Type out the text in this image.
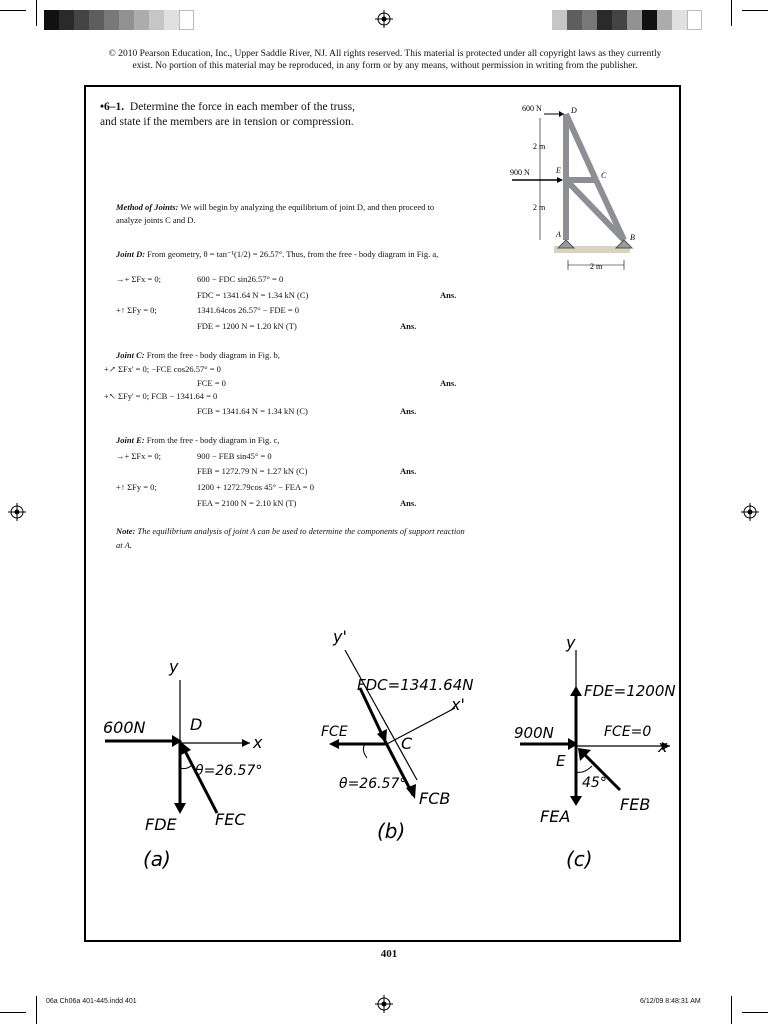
© 2010 Pearson Education, Inc., Upper Saddle River, NJ. All rights reserved. This material is protected under all copyright laws as they currently
exist. No portion of this material may be reproduced, in any form or by any means, without permission in writing from the publisher.
•6–1. Determine the force in each member of the truss,
and state if the members are in tension or compression.
600 N
900 N
2 m
2 m
2 m
D
E
C
A	B
Method of Joints: We will begin by analyzing the equilibrium of joint D, and then proceed to
analyze joints C and D.
Joint D: From geometry, θ = tan⁻¹(1/2) = 26.57°. Thus, from the free - body diagram in Fig. a,
→+ ΣFx = 0;	600 − FDC sin26.57° = 0
FDC = 1341.64 N = 1.34 kN (C)	Ans.
+↑ ΣFy = 0;	1341.64cos 26.57° − FDE = 0
FDE = 1200 N = 1.20 kN (T)	Ans.
Joint C: From the free - body diagram in Fig. b,
+↗ ΣFx' = 0; −FCE cos26.57° = 0
FCE = 0	Ans.
+↖ ΣFy' = 0; FCB − 1341.64 = 0
FCB = 1341.64 N = 1.34 kN (C)	Ans.
Joint E: From the free - body diagram in Fig. c,
→+ ΣFx = 0;	900 − FEB sin45° = 0
FEB = 1272.79 N = 1.27 kN (C)	Ans.
+↑ ΣFy = 0;	1200 + 1272.79cos 45° − FEA = 0
FEA = 2100 N = 2.10 kN (T)	Ans.
Note: The equilibrium analysis of joint A can be used to determine the components of support reaction
at A.
y
x
600N	D
θ=26.57°
FDE FEC
(a)
y'
x'
FDC=1341.64N
FCE
C
θ=26.57°
FCB
(b)
y
x
FDE=1200N
900N	FCE=0
E
45°
FEA
FEB
(c)
401
06a Ch06a 401-445.indd 401	6/12/09 8:48:31 AM
